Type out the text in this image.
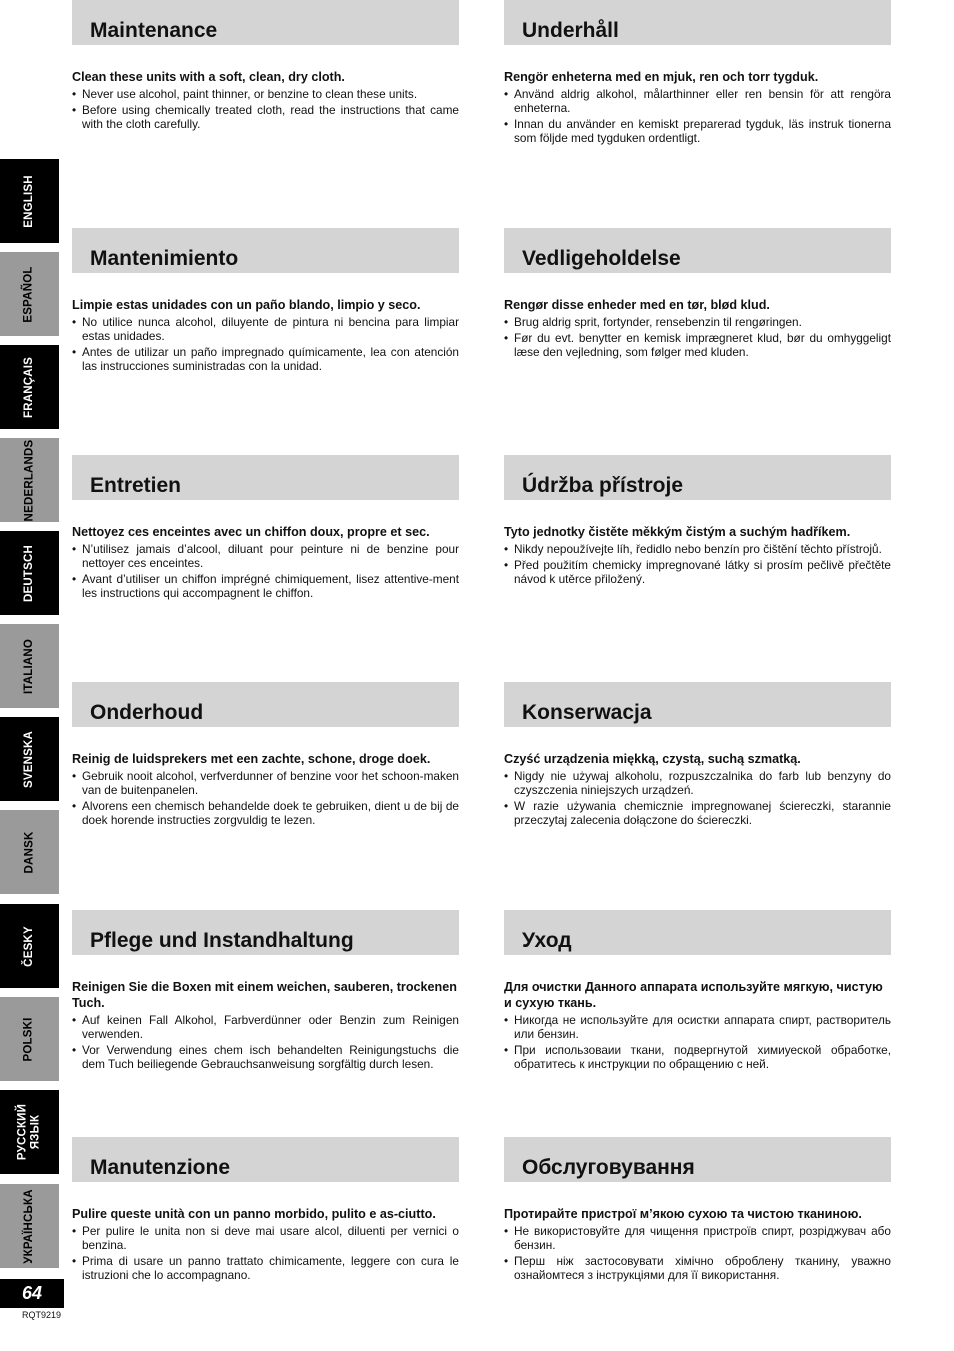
ENGLISH
ESPAÑOL
FRANÇAIS
NEDERLANDS
DEUTSCH
ITALIANO
SVENSKA
DANSK
ČESKY
POLSKI
РУССКИЙ ЯЗЫК
УКРАЇНСЬКА
64
RQT9219
Maintenance

Clean these units with a soft, clean, dry cloth.

• Never use alcohol, paint thinner, or benzine to clean these units.
• Before using chemically treated cloth, read the instructions that came with the cloth carefully.
Underhåll

Rengör enheterna med en mjuk, ren och torr tygduk.

• Använd aldrig alkohol, målarthinner eller ren bensin för att rengöra enheterna.
• Innan du använder en kemiskt preparerad tygduk, läs instruk tionerna som följde med tygduken ordentligt.
Mantenimiento

Limpie estas unidades con un paño blando, limpio y seco.

• No utilice nunca alcohol, diluyente de pintura ni bencina para limpiar estas unidades.
• Antes de utilizar un paño impregnado químicamente, lea con atención las instrucciones suministradas con la unidad.
Vedligeholdelse

Rengør disse enheder med en tør, blød klud.

• Brug aldrig sprit, fortynder, rensebenzin til rengøringen.
• Før du evt. benytter en kemisk imprægneret klud, bør du omhyggeligt læse den vejledning, som følger med kluden.
Entretien

Nettoyez ces enceintes avec un chiffon doux, propre et sec.

• N’utilisez jamais d’alcool, diluant pour peinture ni de benzine pour nettoyer ces enceintes.
• Avant d’utiliser un chiffon imprégné chimiquement, lisez attentive-ment les instructions qui accompagnent le chiffon.
Údržba přístroje

Tyto jednotky čistěte měkkým čistým a suchým hadříkem.

• Nikdy nepoužívejte líh, ředidlo nebo benzín pro čištění těchto přístrojů.
• Před použitím chemicky impregnované látky si prosím pečlivě přečtěte návod k utěrce přiložený.
Onderhoud

Reinig de luidsprekers met een zachte, schone, droge doek.

• Gebruik nooit alcohol, verfverdunner of benzine voor het schoon-maken van de buitenpanelen.
• Alvorens een chemisch behandelde doek te gebruiken, dient u de bij de doek horende instructies zorgvuldig te lezen.
Konserwacja

Czyść urządzenia miękką, czystą, suchą szmatką.

• Nigdy nie używaj alkoholu, rozpuszczalnika do farb lub benzyny do czyszczenia niniejszych urządzeń.
• W razie używania chemicznie impregnowanej ściereczki, starannie przeczytaj zalecenia dołączone do ściereczki.
Pflege und Instandhaltung

Reinigen Sie die Boxen mit einem weichen, sauberen, trockenen Tuch.

• Auf keinen Fall Alkohol, Farbverdünner oder Benzin zum Reinigen verwenden.
• Vor Verwendung eines chem isch behandelten Reinigungstuchs die dem Tuch beiliegende Gebrauchsanweisung sorgfältig durch lesen.
Уход

Для очистки Данного аппарата используйте мягкую, чистую и сухую ткань.

• Никогда не используйте для осистки аппарата спирт, растворитель или бензин.
• При использоваии ткани, подвергнутой химиуеской обработке, обратитесь к инструкции по обращению с ней.
Manutenzione

Pulire queste unità con un panno morbido, pulito e as-ciutto.

• Per pulire le unita non si deve mai usare alcol, diluenti per vernici o benzina.
• Prima di usare un panno trattato chimicamente, leggere con cura le istruzioni che lo accompagnano.
Обслуговування

Протирайте пристрої м’якою сухою та чистою тканиною.

• Не використовуйте для чищення пристроїв спирт, розріджувач або бензин.
• Перш ніж застосовувати хімічно оброблену тканину, уважно ознайомтеся з інструкціями для її використання.
